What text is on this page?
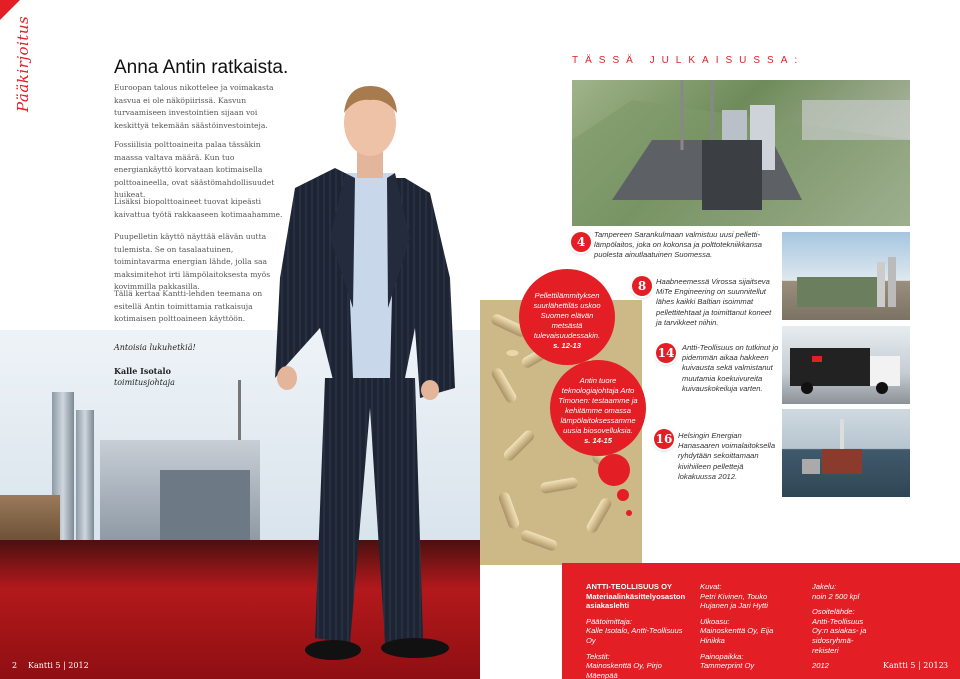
Pääkirjoitus	Anna Antin ratkaista.

Euroopan talous nikottelee ja voimakasta kasvua ei ole näköpiirissä. Kasvun turvaamiseen investointien sijaan voi keskittyä tekemään säästöinvestointeja.

Fossiilisia polttoaineita palaa tässäkin maassa valtava määrä. Kun tuo energiankäyttö korvataan kotimaisella polttoaineella, ovat säästömahdollisuudet huikeat.

Lisäksi biopolttoaineet tuovat kipeästi kaivattua työtä rakkaaseen kotimaahamme.

Puupelletin käyttö näyttää elävän uutta tulemista. Se on tasalaatuinen, toimintavarma energian lähde, jolla saa maksimitehot irti lämpölaitoksesta myös kovimmilla pakkasilla.

Tällä kertaa Kantti-lehden teemana on esitellä Antin toimittamia ratkaisuja kotimaisen polttoaineen käyttöön.

Antoisia lukuhetkiä!
Kalle Isotalo
toimitusjohtaja
2 Kantti 5 | 2012
TÄSSÄ JULKAISUSSA:
4

Tampereen Sarankulmaan valmistuu uusi pelletti-lämpölaitos, joka on kokonsa ja polttotekniikkansa puolesta ainutlaatuinen Suomessa.

8	Haabneemessä Virossa sijaitseva MiTe Engineering on suunnitellut lähes kaikki Baltian isoimmat pellettitehtaat ja toimittanut koneet ja tarvikkeet niihin.

14 Antti-Teollisuus on tutkinut jo pidemmän aikaa hakkeen kuivausta sekä valmistanut muutamia koekuivureita kuivauskokeiluja varten.

16 Helsingin Energian Hanasaaren voimalaitoksella ryhdytään sekoittamaan kivihiileen pellettejä lokakuussa 2012.

Pellettilämmityksen suurlähettiläs uskoo Suomen elävän metsästä tulevaisuudessakin.
s. 12-13
Antin tuore teknologiajohtaja Arto Timonen: testaamme ja kehitämme omassa lämpölaitoksessamme uusia biosovelluksia.
s. 14-15
ANTTI-TEOLLISUUS OY
Materiaalinkäsittelyosaston asiakaslehti
Päätoimittaja:
Kalle Isotalo, Antti-Teollisuus Oy
Tekstit:
Mainoskenttä Oy, Pirjo Mäenpää
Kuvat:
Petri Kivinen, Touko Hujanen ja Jari Hytti
Ulkoasu:
Mainoskenttä Oy, Eija Hinikka
Painopaikka:
Tammerprint Oy
Jakelu:
noin 2 500 kpl
Osoitelähde:
Antti-Teollisuus Oy:n asiakas- ja sidosryhmä-rekisteri
2012	Kantti 5 | 2012 3
